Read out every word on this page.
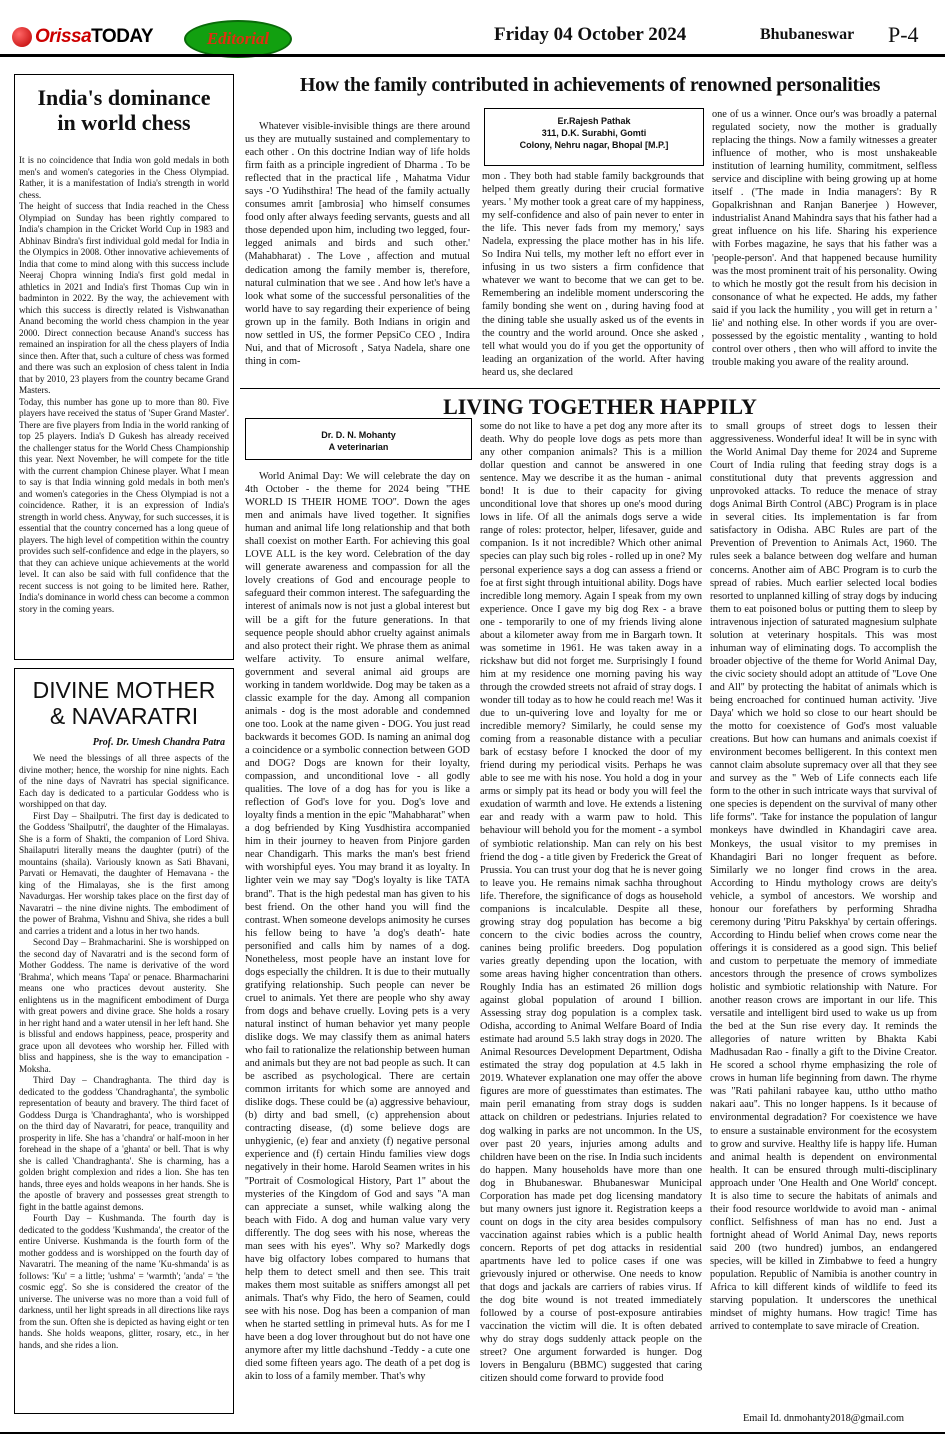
OrissaTODAY	Editorial	Friday 04 October 2024	Bhubaneswar P-4
India's dominance
in world chess

It is no coincidence that India won gold medals in both men's and women's categories in the Chess Olympiad. Rather, it is a manifestation of India's strength in world chess.

The height of success that India reached in the Chess Olympiad on Sunday has been rightly compared to India's champion in the Cricket World Cup in 1983 and Abhinav Bindra's first individual gold medal for India in the Olympics in 2008. Other innovative achievements of India that come to mind along with this success include Neeraj Chopra winning India's first gold medal in athletics in 2021 and India's first Thomas Cup win in badminton in 2022. By the way, the achievement with which this success is directly related is Vishwanathan Anand becoming the world chess champion in the year 2000. Direct connection because Anand's success has remained an inspiration for all the chess players of India since then. After that, such a culture of chess was formed and there was such an explosion of chess talent in India that by 2010, 23 players from the country became Grand Masters.

Today, this number has gone up to more than 80. Five players have received the status of 'Super Grand Master'. There are five players from India in the world ranking of top 25 players. India's D Gukesh has already received the challenger status for the World Chess Championship this year. Next November, he will compete for the title with the current champion Chinese player. What I mean to say is that India winning gold medals in both men's and women's categories in the Chess Olympiad is not a coincidence. Rather, it is an expression of India's strength in world chess. Anyway, for such successes, it is essential that the country concerned has a long queue of players. The high level of competition within the country provides such self-confidence and edge in the players, so that they can achieve unique achievements at the world level. It can also be said with full confidence that the recent success is not going to be limited here. Rather, India's dominance in world chess can become a common story in the coming years.

DIVINE MOTHER
& NAVARATRI
Prof. Dr. Umesh Chandra Patra

We need the blessings of all three aspects of the divine mother; hence, the worship for nine nights. Each of the nine days of Navratri has special significance. Each day is dedicated to a particular Goddess who is worshipped on that day.

First Day – Shailputri. The first day is dedicated to the Goddess 'Shailputri', the daughter of the Himalayas. She is a form of Shakti, the companion of Lord Shiva. Shailaputri literally means the daughter (putri) of the mountains (shaila). Variously known as Sati Bhavani, Parvati or Hemavati, the daughter of Hemavana - the king of the Himalayas, she is the first among Navadurgas. Her worship takes place on the first day of Navaratri – the nine divine nights. The embodiment of the power of Brahma, Vishnu and Shiva, she rides a bull and carries a trident and a lotus in her two hands.

Second Day – Brahmacharini. She is worshipped on the second day of Navaratri and is the second form of Mother Goddess. The name is derivative of the word 'Brahma', which means 'Tapa' or penace. Bharmacharini means one who practices devout austerity. She enlightens us in the magnificent embodiment of Durga with great powers and divine grace. She holds a rosary in her right hand and a water utensil in her left hand. She is blissful and endows happiness, peace, prosperity and grace upon all devotees who worship her. Filled with bliss and happiness, she is the way to emancipation - Moksha.

Third Day – Chandraghanta. The third day is dedicated to the goddess 'Chandraghanta', the symbolic representation of beauty and bravery. The third facet of Goddess Durga is 'Chandraghanta', who is worshipped on the third day of Navaratri, for peace, tranquility and prosperity in life. She has a 'chandra' or half-moon in her forehead in the shape of a 'ghanta' or bell. That is why she is called 'Chandraghanta'. She is charming, has a golden bright complexion and rides a lion. She has ten hands, three eyes and holds weapons in her hands. She is the apostle of bravery and possesses great strength to fight in the battle against demons.

Fourth Day – Kushmanda. The fourth day is dedicated to the goddess 'Kushmanda', the creator of the entire Universe. Kushmanda is the fourth form of the mother goddess and is worshipped on the fourth day of Navaratri. The meaning of the name 'Ku-shmanda' is as follows: 'Ku' = a little; 'ushma' = 'warmth'; 'anda' = 'the cosmic egg'. So she is considered the creator of the universe. The universe was no more than a void full of darkness, until her light spreads in all directions like rays from the sun. Often she is depicted as having eight or ten hands. She holds weapons, glitter, rosary, etc., in her hands, and she rides a lion.

How the family contributed in achievements of renowned personalities

Whatever visible-invisible things are there around us they are mutually sustained and complementary to each other . On this doctrine Indian way of life holds firm faith as a principle ingredient of Dharma . To be reflected that in the practical life , Mahatma Vidur says -'O Yudihsthira! The head of the family actually consumes amrit [ambrosia] who himself consumes food only after always feeding servants, guests and all those depended upon him, including two legged, four-legged animals and birds and such other.' (Mahabharat) . The Love , affection and mutual dedication among the family member is, therefore, natural culmination that we see . And how let's have a look what some of the successful personalities of the world have to say regarding their experience of being grown up in the family. Both Indians in origin and now settled in US, the former PepsiCo CEO , Indira Nui, and that of Microsoft , Satya Nadela, share one thing in com-

Er.Rajesh Pathak
311, D.K. Surabhi, Gomti
Colony, Nehru nagar, Bhopal [M.P.]

mon . They both had stable family backgrounds that helped them greatly during their crucial formative years. ' My mother took a great care of my happiness, my self-confidence and also of pain never to enter in the life. This never fads from my memory,' says Nadela, expressing the place mother has in his life. So Indira Nui tells, my mother left no effort ever in infusing in us two sisters a firm confidence that whatever we want to become that we can get to be. Remembering an indelible moment underscoring the family bonding she went on , during having food at the dining table she usually asked us of the events in the country and the world around. Once she asked , tell what would you do if you get the opportunity of leading an organization of the world. After having heard us, she declared

one of us a winner. Once our's was broadly a paternal regulated society, now the mother is gradually replacing the things. Now a family witnesses a greater influence of mother, who is most unshakeable institution of learning humility, commitment, selfless service and discipline with being growing up at home itself . ('The made in India managers': By R Gopalkrishnan and Ranjan Banerjee ) However, industrialist Anand Mahindra says that his father had a great influence on his life. Sharing his experience with Forbes magazine, he says that his father was a 'people-person'. And that happened because humility was the most prominent trait of his personality. Owing to which he mostly got the result from his decision in consonance of what he expected. He adds, my father said if you lack the humility , you will get in return a ' lie' and nothing else. In other words if you are over-possessed by the egoistic mentality , wanting to hold control over others , then who will afford to invite the trouble making you aware of the reality around.

Dr. D. N. Mohanty
A veterinarian
LIVING TOGETHER HAPPILY

World Animal Day: We will celebrate the day on 4th October - the theme for 2024 being ''THE WORLD IS THEIR HOME TOO''. Down the ages men and animals have lived together. It signifies human and animal life long relationship and that both shall coexist on mother Earth. For achieving this goal LOVE ALL is the key word. Celebration of the day will generate awareness and compassion for all the lovely creations of God and encourage people to safeguard their common interest. The safeguarding the interest of animals now is not just a global interest but will be a gift for the future generations. In that sequence people should abhor cruelty against animals and also protect their right. We phrase them as animal welfare activity. To ensure animal welfare, government and several animal aid groups are working in tandem worldwide. Dog may be taken as a classic example for the day. Among all companion animals - dog is the most adorable and condemned one too. Look at the name given - DOG. You just read backwards it becomes GOD. Is naming an animal dog a coincidence or a symbolic connection between GOD and DOG? Dogs are known for their loyalty, compassion, and unconditional love - all godly qualities. The love of a dog has for you is like a reflection of God's love for you. Dog's love and loyalty finds a mention in the epic ''Mahabharat'' when a dog befriended by King Yusdhistira accompanied him in their journey to heaven from Pinjore garden near Chandigarh. This marks the man's best friend with worshipful eyes. You may brand it as loyalty. In lighter vein we may say ''Dog's loyalty is like TATA brand''. That is the high pedestal man has given to his best friend. On the other hand you will find the contrast. When someone develops animosity he curses his fellow being to have 'a dog's death'- hate personified and calls him by names of a dog. Nonetheless, most people have an instant love for dogs especially the children. It is due to their mutually gratifying relationship. Such people can never be cruel to animals. Yet there are people who shy away from dogs and behave cruelly. Loving pets is a very natural instinct of human behavior yet many people dislike dogs. We may classify them as animal haters who fail to rationalize the relationship between human and animals but they are not bad people as such. It can be ascribed as psychological. There are certain common irritants for which some are annoyed and dislike dogs. These could be (a) aggressive behaviour, (b) dirty and bad smell, (c) apprehension about contracting disease, (d) some believe dogs are unhygienic, (e) fear and anxiety (f) negative personal experience and (f) certain Hindu families view dogs negatively in their home. Harold Seamen writes in his ''Portrait of Cosmological History, Part 1'' about the mysteries of the Kingdom of God and says ''A man can appreciate a sunset, while walking along the beach with Fido. A dog and human value vary very differently. The dog sees with his nose, whereas the man sees with his eyes''. Why so? Markedly dogs have big olfactory lobes compared to humans that help them to detect smell and then see. This trait makes them most suitable as sniffers amongst all pet animals. That's why Fido, the hero of Seamen, could see with his nose. Dog has been a companion of man when he started settling in primeval huts. As for me I have been a dog lover throughout but do not have one anymore after my little dachshund -Teddy - a cute one died some fifteen years ago. The death of a pet dog is akin to loss of a family member. That's why

some do not like to have a pet dog any more after its death. Why do people love dogs as pets more than any other companion animals? This is a million dollar question and cannot be answered in one sentence. May we describe it as the human - animal bond! It is due to their capacity for giving unconditional love that shores up one's mood during lows in life. Of all the animals dogs serve a wide range of roles: protector, helper, lifesaver, guide and companion. Is it not incredible? Which other animal species can play such big roles - rolled up in one? My personal experience says a dog can assess a friend or foe at first sight through intuitional ability. Dogs have incredible long memory. Again I speak from my own experience. Once I gave my big dog Rex - a brave one - temporarily to one of my friends living alone about a kilometer away from me in Bargarh town. It was sometime in 1961. He was taken away in a rickshaw but did not forget me. Surprisingly I found him at my residence one morning paving his way through the crowded streets not afraid of stray dogs. I wonder till today as to how he could reach me! Was it due to un-quivering love and loyalty for me or incredible memory? Similarly, he could sense my coming from a reasonable distance with a peculiar bark of ecstasy before I knocked the door of my friend during my periodical visits. Perhaps he was able to see me with his nose. You hold a dog in your arms or simply pat its head or body you will feel the exudation of warmth and love. He extends a listening ear and ready with a warm paw to hold. This behaviour will behold you for the moment - a symbol of symbiotic relationship. Man can rely on his best friend the dog - a title given by Frederick the Great of Prussia. You can trust your dog that he is never going to leave you. He remains nimak sachha throughout life. Therefore, the significance of dogs as household companions is incalculable. Despite all these, growing stray dog population has become a big concern to the civic bodies across the country, canines being prolific breeders. Dog population varies greatly depending upon the location, with some areas having higher concentration than others. Roughly India has an estimated 26 million dogs against global population of around I billion. Assessing stray dog population is a complex task. Odisha, according to Animal Welfare Board of India estimate had around 5.5 lakh stray dogs in 2020. The Animal Resources Development Department, Odisha estimated the stray dog population at 4.5 lakh in 2019. Whatever explanation one may offer the above figures are more of guesstimates than estimates. The main peril emanating from stray dogs is sudden attack on children or pedestrians. Injuries related to dog walking in parks are not uncommon. In the US, over past 20 years, injuries among adults and children have been on the rise. In India such incidents do happen. Many households have more than one dog in Bhubaneswar. Bhubaneswar Municipal Corporation has made pet dog licensing mandatory but many owners just ignore it. Registration keeps a count on dogs in the city area besides compulsory vaccination against rabies which is a public health concern. Reports of pet dog attacks in residential apartments have led to police cases if one was grievously injured or otherwise. One needs to know that dogs and jackals are carriers of rabies virus. If the dog bite wound is not treated immediately followed by a course of post-exposure antirabies vaccination the victim will die. It is often debated why do stray dogs suddenly attack people on the street? One argument forwarded is hunger. Dog lovers in Bengaluru (BBMC) suggested that caring citizen should come forward to provide food

to small groups of street dogs to lessen their aggressiveness. Wonderful idea! It will be in sync with the World Animal Day theme for 2024 and Supreme Court of India ruling that feeding stray dogs is a constitutional duty that prevents aggression and unprovoked attacks. To reduce the menace of stray dogs Animal Birth Control (ABC) Program is in place in several cities. Its implementation is far from satisfactory in Odisha. ABC Rules are part of the Prevention of Prevention to Animals Act, 1960. The rules seek a balance between dog welfare and human concerns. Another aim of ABC Program is to curb the spread of rabies. Much earlier selected local bodies resorted to unplanned killing of stray dogs by inducing them to eat poisoned bolus or putting them to sleep by intravenous injection of saturated magnesium sulphate solution at veterinary hospitals. This was most inhuman way of eliminating dogs. To accomplish the broader objective of the theme for World Animal Day, the civic society should adopt an attitude of ''Love One and All'' by protecting the habitat of animals which is being encroached for continued human activity. 'Jive Daya' which we hold so close to our heart should be the motto for coexistence of God's most valuable creations. But how can humans and animals coexist if environment becomes belligerent. In this context men cannot claim absolute supremacy over all that they see and survey as the '' Web of Life connects each life form to the other in such intricate ways that survival of one species is dependent on the survival of many other life forms''. 'Take for instance the population of langur monkeys have dwindled in Khandagiri cave area. Monkeys, the usual visitor to my premises in Khandagiri Bari no longer frequent as before. Similarly we no longer find crows in the area. According to Hindu mythology crows are deity's vehicle, a symbol of ancestors. We worship and honour our forefathers by performing Shradha ceremony during 'Pitru Pakskhya' by certain offerings. According to Hindu belief when crows come near the offerings it is considered as a good sign. This belief and custom to perpetuate the memory of immediate ancestors through the presence of crows symbolizes holistic and symbiotic relationship with Nature. For another reason crows are important in our life. This versatile and intelligent bird used to wake us up from the bed at the Sun rise every day. It reminds the allegories of nature written by Bhakta Kabi Madhusadan Rao - finally a gift to the Divine Creator. He scored a school rhyme emphasizing the role of crows in human life beginning from dawn. The rhyme was ''Rati pahilani rabayee kau, uttho uttho matho nakari aau''. This no longer happens. Is it because of environmental degradation? For coexistence we have to ensure a sustainable environment for the ecosystem to grow and survive. Healthy life is happy life. Human and animal health is dependent on environmental health. It can be ensured through multi-disciplinary approach under 'One Health and One World' concept. It is also time to secure the habitats of animals and their food resource worldwide to avoid man - animal conflict. Selfishness of man has no end. Just a fortnight ahead of World Animal Day, news reports said 200 (two hundred) jumbos, an endangered species, will be killed in Zimbabwe to feed a hungry population. Republic of Namibia is another country in Africa to kill different kinds of wildlife to feed its starving population. It underscores the unethical mindset of mighty humans. How tragic! Time has arrived to contemplate to save miracle of Creation.

Email Id. dnmohanty2018@gmail.com
